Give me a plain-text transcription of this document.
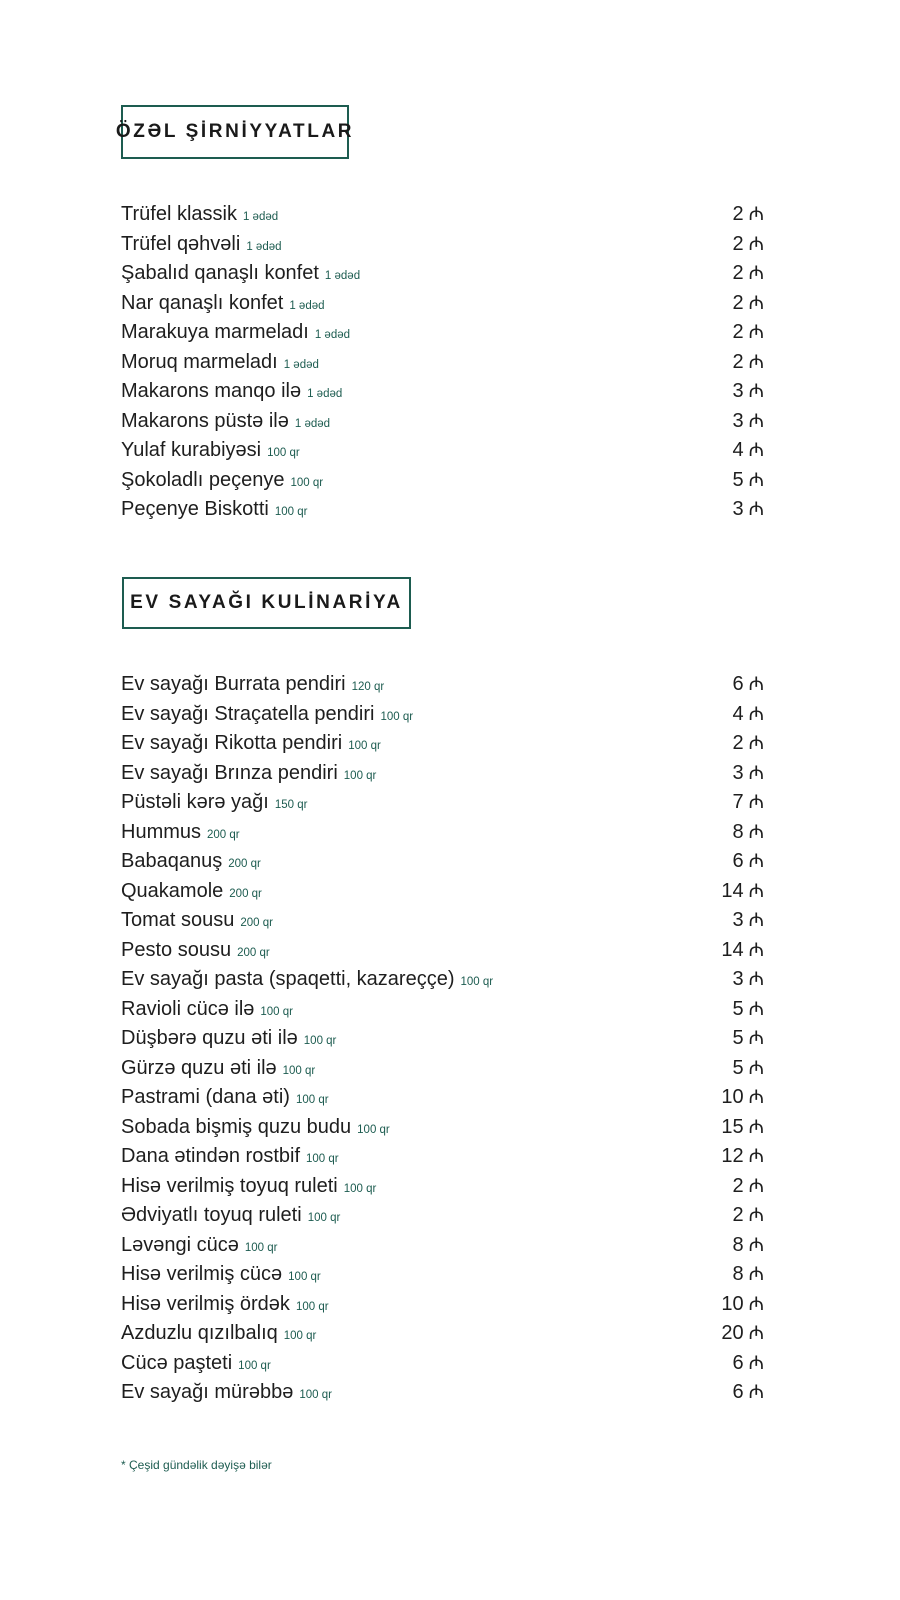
ÖZƏL ŞİRNİYYATLAR
Trüfel klassik 1 ədəd	2 ₼
Trüfel qəhvəli 1 ədəd	2 ₼
Şabalıd qanaşlı konfet 1 ədəd	2 ₼
Nar qanaşlı konfet 1 ədəd	2 ₼
Marakuya marmeladı 1 ədəd	2 ₼
Moruq marmeladı 1 ədəd	2 ₼
Makarons manqo ilə 1 ədəd	3 ₼
Makarons püstə ilə 1 ədəd	3 ₼
Yulaf kurabiyəsi 100 qr	4 ₼
Şokoladlı peçenye 100 qr	5 ₼
Peçenye Biskotti 100 qr	3 ₼
EV SAYAĞI KULİNARİYA
Ev sayağı Burrata pendiri 120 qr	6 ₼
Ev sayağı Straçatella pendiri 100 qr	4 ₼
Ev sayağı Rikotta pendiri 100 qr	2 ₼
Ev sayağı Brınza pendiri 100 qr	3 ₼
Püstəli kərə yağı 150 qr	7 ₼
Hummus 200 qr	8 ₼
Babaqanuş 200 qr	6 ₼
Quakamole 200 qr	14 ₼
Tomat sousu 200 qr	3 ₼
Pesto sousu 200 qr	14 ₼
Ev sayağı pasta (spaqetti, kazareççe) 100 qr	3 ₼
Ravioli cücə ilə 100 qr	5 ₼
Düşbərə quzu əti ilə 100 qr	5 ₼
Gürzə quzu əti ilə 100 qr	5 ₼
Pastrami (dana əti) 100 qr	10 ₼
Sobada bişmiş quzu budu 100 qr	15 ₼
Dana ətindən rostbif 100 qr	12 ₼
Hisə verilmiş toyuq ruleti 100 qr	2 ₼
Ədviyatlı toyuq ruleti 100 qr	2 ₼
Ləvəngi cücə 100 qr	8 ₼
Hisə verilmiş cücə 100 qr	8 ₼
Hisə verilmiş ördək 100 qr	10 ₼
Azduzlu qızılbalıq 100 qr	20 ₼
Cücə paşteti 100 qr	6 ₼
Ev sayağı mürəbbə 100 qr	6 ₼
* Çeşid gündəlik dəyişə bilər
